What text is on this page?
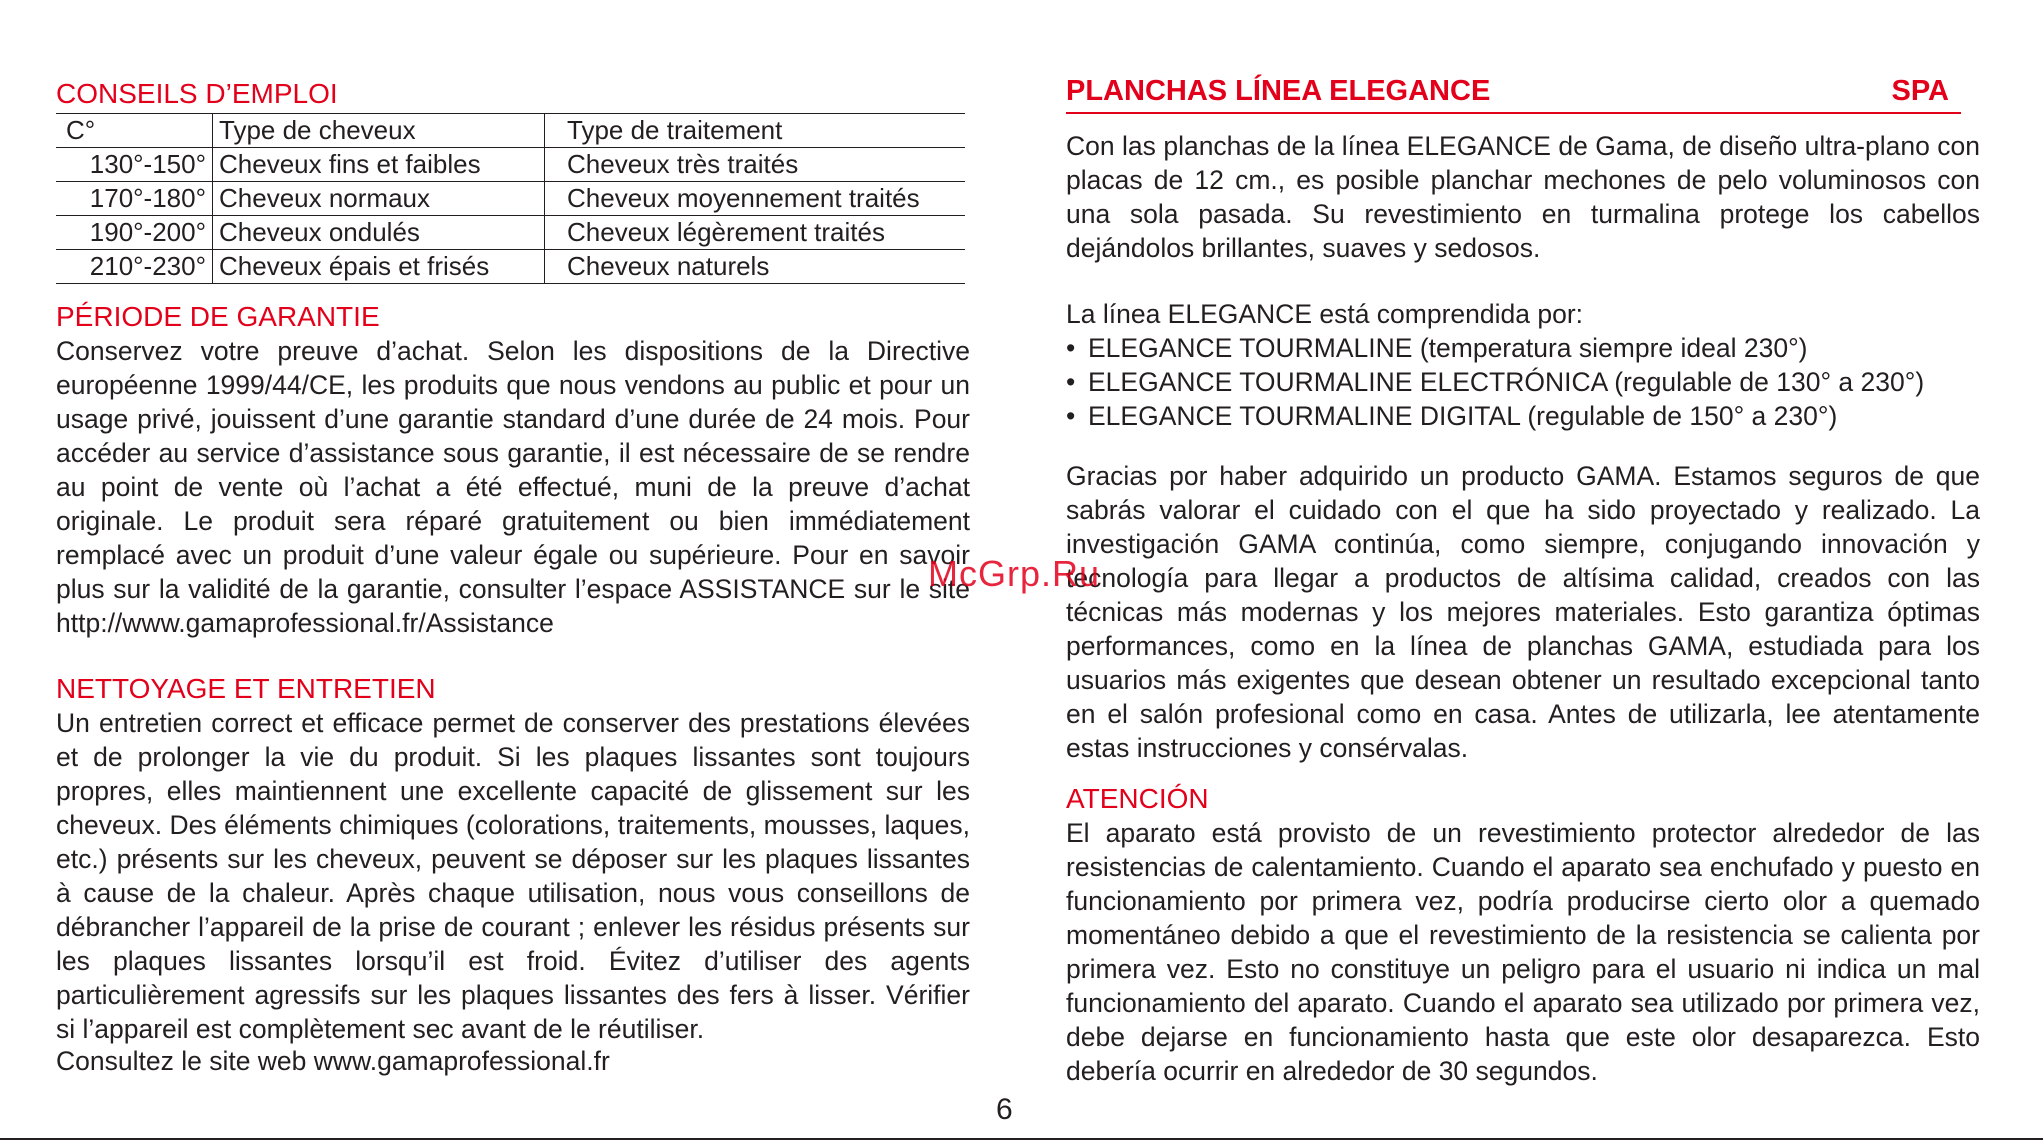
CONSEILS D’EMPLOI
C°	Type de cheveux	Type de traitement
130°-150°	Cheveux fins et faibles	Cheveux très traités
170°-180°	Cheveux normaux	Cheveux moyennement traités
190°-200°	Cheveux ondulés	Cheveux légèrement traités
210°-230°	Cheveux épais et frisés	Cheveux naturels
PÉRIODE DE GARANTIE

Conservez votre preuve d’achat. Selon les dispositions de la Directive européenne 1999/44/CE, les produits que nous vendons au public et pour un usage privé, jouissent d’une garantie standard d’une durée de 24 mois. Pour accéder au service d’assistance sous garantie, il est nécessaire de se rendre au point de vente où l’achat a été effectué, muni de la preuve d’achat originale. Le produit sera réparé gratuitement ou bien immédiatement remplacé avec un produit d’une valeur égale ou supérieure. Pour en savoir plus sur la validité de la garantie, consulter l’espace ASSISTANCE sur le site http://www.gamaprofessional.fr/Assistance

NETTOYAGE ET ENTRETIEN

Un entretien correct et efficace permet de conserver des prestations élevées et de prolonger la vie du produit. Si les plaques lissantes sont toujours propres, elles maintiennent une excellente capacité de glissement sur les cheveux. Des éléments chimiques (colorations, traitements, mousses, laques, etc.) présents sur les cheveux, peuvent se déposer sur les plaques lissantes à cause de la chaleur. Après chaque utilisation, nous vous conseillons de débrancher l’appareil de la prise de courant ; enlever les résidus présents sur les plaques lissantes lorsqu’il est froid. Évitez d’utiliser des agents particulièrement agressifs sur les plaques lissantes des fers à lisser. Vérifier si l’appareil est complètement sec avant de le réutiliser.

Consultez le site web www.gamaprofessional.fr

PLANCHAS LÍNEA ELEGANCE	SPA

Con las planchas de la línea ELEGANCE de Gama, de diseño ultra-plano con placas de 12 cm., es posible planchar mechones de pelo voluminosos con una sola pasada. Su revestimiento en turmalina protege los cabellos dejándolos brillantes, suaves y sedosos.

La línea ELEGANCE está comprendida por:

• ELEGANCE TOURMALINE (temperatura siempre ideal 230°)
• ELEGANCE TOURMALINE ELECTRÓNICA (regulable de 130° a 230°)
• ELEGANCE TOURMALINE DIGITAL (regulable de 150° a 230°)

Gracias por haber adquirido un producto GAMA. Estamos seguros de que sabrás valorar el cuidado con el que ha sido proyectado y realizado. La investigación GAMA continúa, como siempre, conjugando innovación y tecnología para llegar a productos de altísima calidad, creados con las técnicas más modernas y los mejores materiales. Esto garantiza óptimas performances, como en la línea de planchas GAMA, estudiada para los usuarios más exigentes que desean obtener un resultado excepcional tanto en el salón profesional como en casa. Antes de utilizarla, lee atentamente estas instrucciones y consérvalas.

ATENCIÓN

El aparato está provisto de un revestimiento protector alrededor de las resistencias de calentamiento. Cuando el aparato sea enchufado y puesto en funcionamiento por primera vez, podría producirse cierto olor a quemado momentáneo debido a que el revestimiento de la resistencia se calienta por primera vez. Esto no constituye un peligro para el usuario ni indica un mal funcionamiento del aparato. Cuando el aparato sea utilizado por primera vez, debe dejarse en funcionamiento hasta que este olor desaparezca. Esto debería ocurrir en alrededor de 30 segundos.

McGrp.Ru
6
